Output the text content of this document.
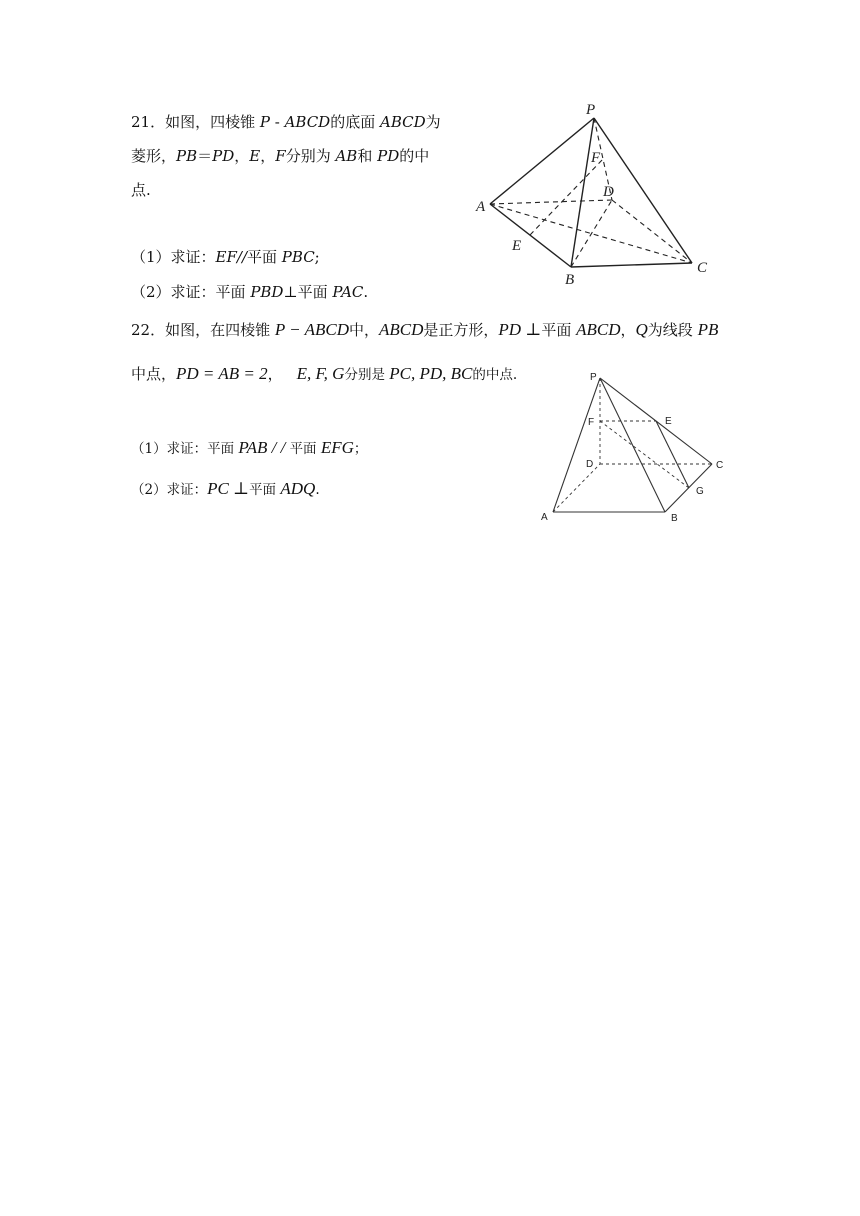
21．如图，四棱锥 P - ABCD的底面 ABCD为
菱形，PB＝PD，E，F分别为 AB和 PD的中
点.
（1）求证：EF//平面 PBC;
（2）求证：平面 PBD⊥平面 PAC.
P
F
D
A
E
B
C
22．如图，在四棱锥 P − ABCD中，ABCD是正方形，PD ⊥平面 ABCD，Q为线段 PB
中点，PD = AB = 2， E, F, G分别是 PC, PD, BC的中点.
（1）求证：平面 PAB / / 平面 EFG；
（2）求证：PC ⊥平面 ADQ.
P
F	E
D	C
G
A	B
